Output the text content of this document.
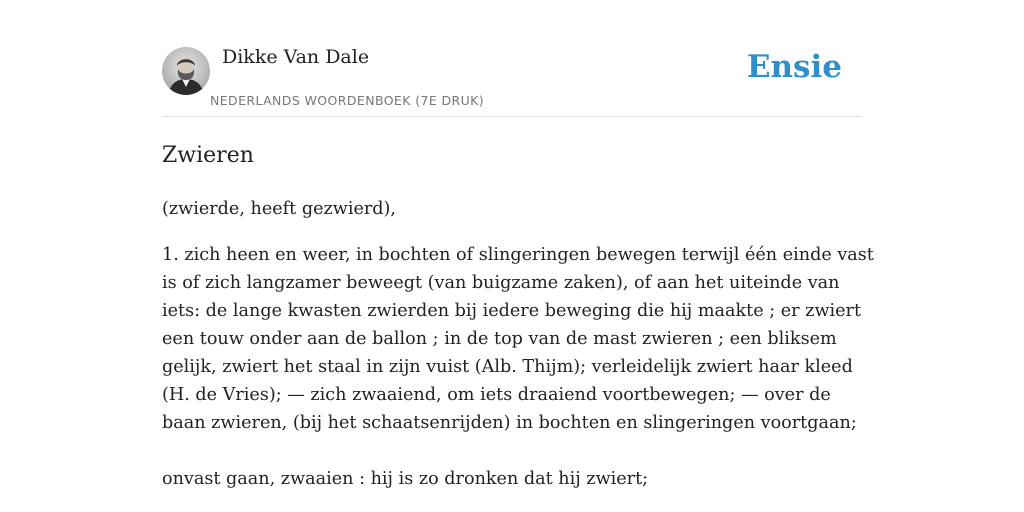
Dikke Van Dale
NEDERLANDS WOORDENBOEK (7E DRUK)
Ensie
Zwieren

(zwierde, heeft gezwierd),

1. zich heen en weer, in bochten of slingeringen bewegen terwijl één einde vast is of zich langzamer beweegt (van buigzame zaken), of aan het uiteinde van iets: de lange kwasten zwierden bij iedere beweging die hij maakte ; er zwiert een touw onder aan de ballon ; in de top van de mast zwieren ; een bliksem gelijk, zwiert het staal in zijn vuist (Alb. Thijm); verleidelijk zwiert haar kleed (H. de Vries); — zich zwaaiend, om iets draaiend voortbewegen; — over de baan zwieren, (bij het schaatsenrijden) in bochten en slingeringen voortgaan;

onvast gaan, zwaaien : hij is zo dronken dat hij zwiert;
